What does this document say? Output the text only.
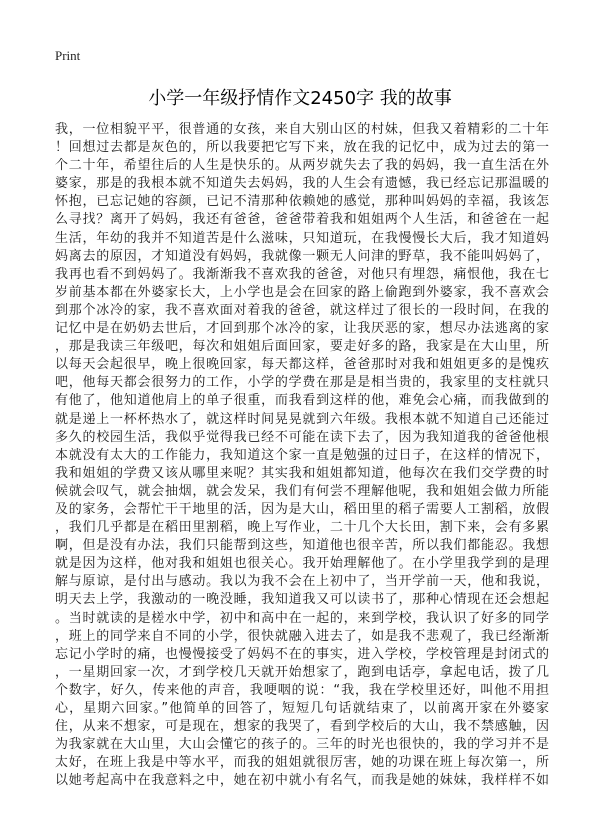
Print
小学一年级抒情作文2450字 我的故事
我，一位相貌平平，很普通的女孩，来自大别山区的村妹，但我又着精彩的二十年
！回想过去都是灰色的，所以我要把它写下来，放在我的记忆中，成为过去的第一
个二十年，希望往后的人生是快乐的。从两岁就失去了我的妈妈，我一直生活在外
婆家，那是的我根本就不知道失去妈妈，我的人生会有遗憾，我已经忘记那温暖的
怀抱，已忘记她的容颜，已记不清那种依赖她的感觉，那种叫妈妈的幸福，我该怎
么寻找？离开了妈妈，我还有爸爸，爸爸带着我和姐姐两个人生活，和爸爸在一起
生活，年幼的我并不知道苦是什么滋味，只知道玩，在我慢慢长大后，我才知道妈
妈离去的原因，才知道没有妈妈，我就像一颗无人问津的野草，我不能叫妈妈了，
我再也看不到妈妈了。我渐渐我不喜欢我的爸爸，对他只有埋怨，痛恨他，我在七
岁前基本都在外婆家长大，上小学也是会在回家的路上偷跑到外婆家，我不喜欢会
到那个冰冷的家，我不喜欢面对着我的爸爸，就这样过了很长的一段时间，在我的
记忆中是在奶奶去世后，才回到那个冰冷的家，让我厌恶的家，想尽办法逃离的家
，那是我读三年级吧，每次和姐姐后面回家，要走好多的路，我家是在大山里，所
以每天会起很早，晚上很晚回家，每天都这样，爸爸那时对我和姐姐更多的是愧疚
吧，他每天都会很努力的工作，小学的学费在那是是相当贵的，我家里的支柱就只
有他了，他知道他肩上的单子很重，而我看到这样的他，难免会心痛，而我做到的
就是递上一杯杯热水了，就这样时间晃晃就到六年级。我根本就不知道自己还能过
多久的校园生活，我似乎觉得我已经不可能在读下去了，因为我知道我的爸爸他根
本就没有太大的工作能力，我知道这个家一直是勉强的过日子，在这样的情况下，
我和姐姐的学费又该从哪里来呢？其实我和姐姐都知道，他每次在我们交学费的时
候就会叹气，就会抽烟，就会发呆，我们有何尝不理解他呢，我和姐姐会做力所能
及的家务，会帮忙干干地里的活，因为是大山，稻田里的稻子需要人工割稻，放假
，我们几乎都是在稻田里割稻，晚上写作业，二十几个大长田，割下来，会有多累
啊，但是没有办法，我们只能帮到这些，知道他也很辛苦，所以我们都能忍。我想
就是因为这样，他对我和姐姐也很关心。我开始理解他了。在小学里我学到的是理
解与原谅，是付出与感动。我以为我不会在上初中了，当开学前一天，他和我说，
明天去上学，我激动的一晚没睡，我知道我又可以读书了，那种心情现在还会想起
。当时就读的是槎水中学，初中和高中在一起的，来到学校，我认识了好多的同学
，班上的同学来自不同的小学，很快就融入进去了，如是我不悲观了，我已经渐渐
忘记小学时的痛，也慢慢接受了妈妈不在的事实，进入学校，学校管理是封闭式的
，一星期回家一次，才到学校几天就开始想家了，跑到电话亭，拿起电话，拨了几
个数字，好久，传来他的声音，我哽咽的说：“我，我在学校里还好，叫他不用担
心，星期六回家。”他简单的回答了，短短几句话就结束了，以前离开家在外婆家
住，从来不想家，可是现在，想家的我哭了，看到学校后的大山，我不禁感触，因
为我家就在大山里，大山会懂它的孩子的。三年的时光也很快的，我的学习并不是
太好，在班上我是中等水平，而我的姐姐就很厉害，她的功课在班上每次第一，所
以她考起高中在我意料之中，她在初中就小有名气，而我是她的妹妹，我样样不如
